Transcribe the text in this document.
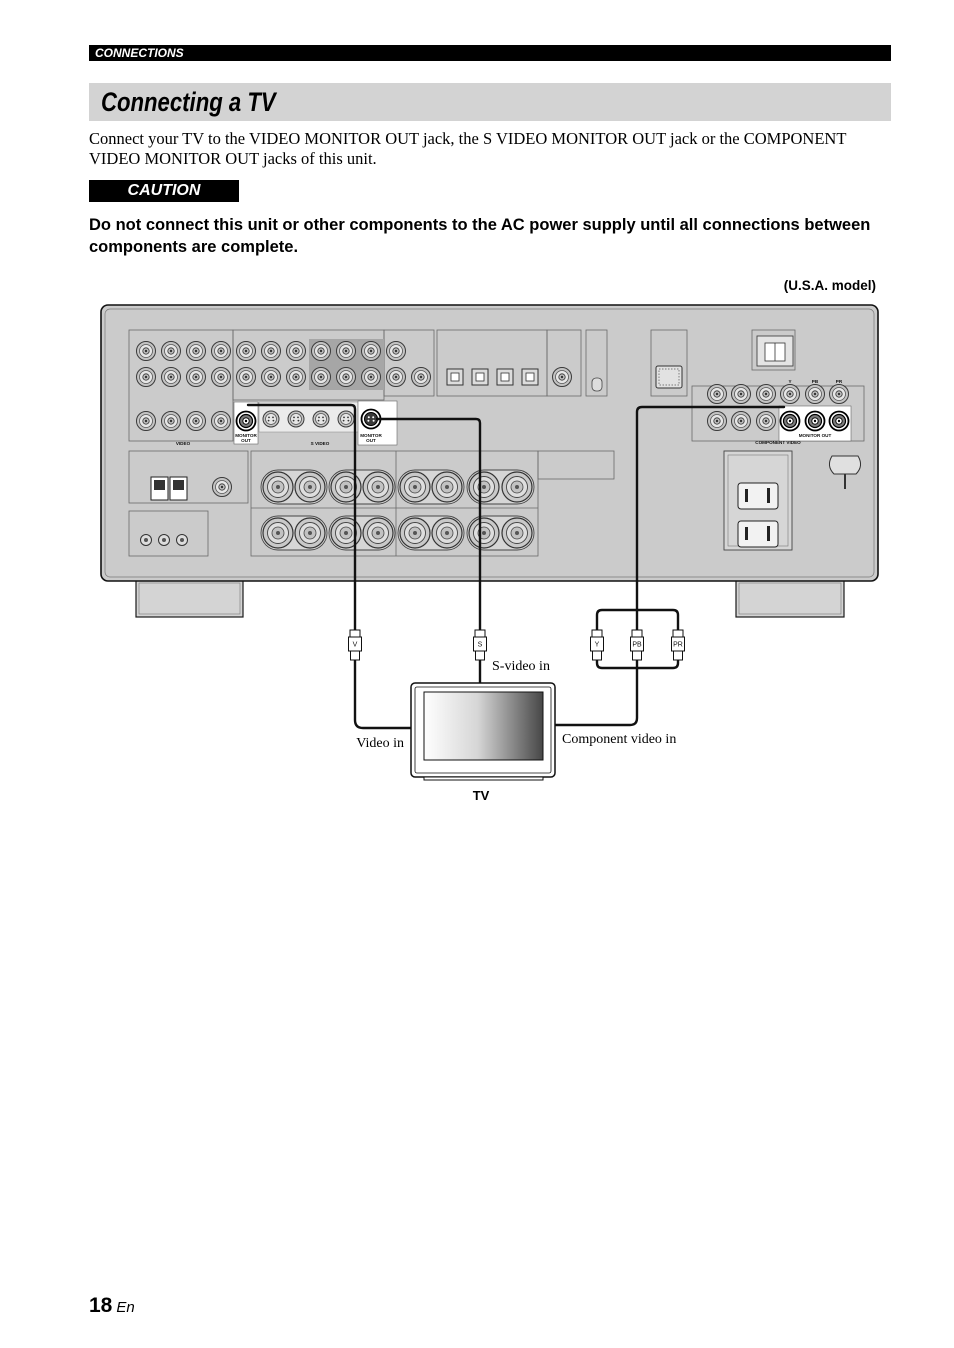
CONNECTIONS
Connecting a TV

Connect your TV to the VIDEO MONITOR OUT jack, the S VIDEO MONITOR OUT jack or the COMPONENT VIDEO MONITOR OUT jacks of this unit.

CAUTION

Do not connect this unit or other components to the AC power supply until all connections between components are complete.

(U.S.A. model)
VIDEO
MONITOR
OUT
S VIDEO
MONITOR
OUT
Y	PB	PR
MONITOR OUT
COMPONENT VIDEO
V	S	Y	PB	PR
S-video in
Video in	Component video in
TV
18 En
